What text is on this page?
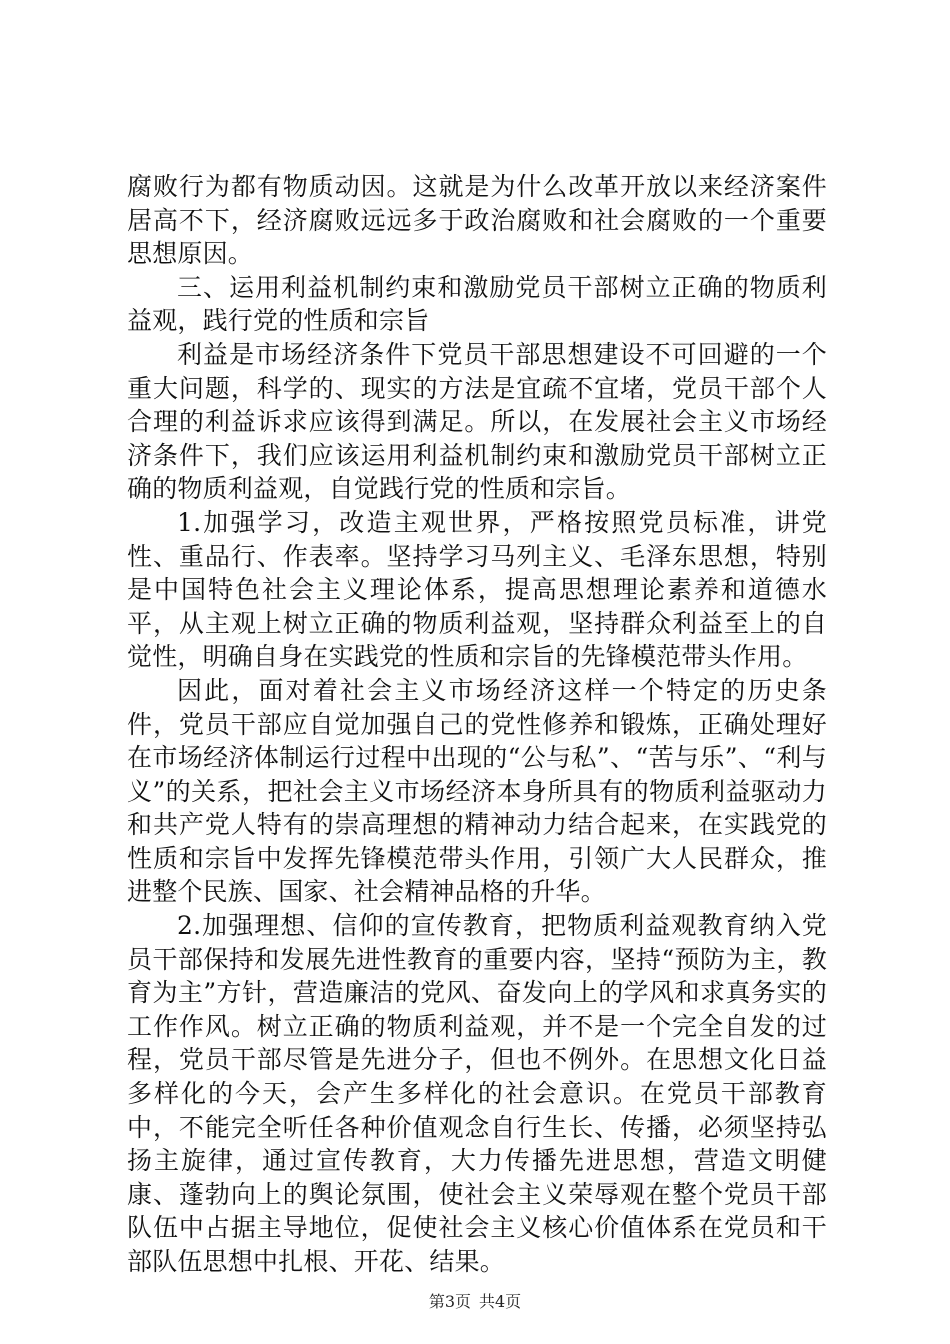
腐败行为都有物质动因。这就是为什么改革开放以来经济案件居高不下，经济腐败远远多于政治腐败和社会腐败的一个重要思想原因。

三、运用利益机制约束和激励党员干部树立正确的物质利益观，践行党的性质和宗旨

利益是市场经济条件下党员干部思想建设不可回避的一个重大问题，科学的、现实的方法是宜疏不宜堵，党员干部个人合理的利益诉求应该得到满足。所以，在发展社会主义市场经济条件下，我们应该运用利益机制约束和激励党员干部树立正确的物质利益观，自觉践行党的性质和宗旨。

1.加强学习，改造主观世界，严格按照党员标准，讲党性、重品行、作表率。坚持学习马列主义、毛泽东思想，特别是中国特色社会主义理论体系，提高思想理论素养和道德水平，从主观上树立正确的物质利益观，坚持群众利益至上的自觉性，明确自身在实践党的性质和宗旨的先锋模范带头作用。

因此，面对着社会主义市场经济这样一个特定的历史条件，党员干部应自觉加强自己的党性修养和锻炼，正确处理好在市场经济体制运行过程中出现的“公与私”、“苦与乐”、“利与义”的关系，把社会主义市场经济本身所具有的物质利益驱动力和共产党人特有的崇高理想的精神动力结合起来，在实践党的性质和宗旨中发挥先锋模范带头作用，引领广大人民群众，推进整个民族、国家、社会精神品格的升华。

2.加强理想、信仰的宣传教育，把物质利益观教育纳入党员干部保持和发展先进性教育的重要内容，坚持“预防为主，教育为主”方针，营造廉洁的党风、奋发向上的学风和求真务实的工作作风。树立正确的物质利益观，并不是一个完全自发的过程，党员干部尽管是先进分子，但也不例外。在思想文化日益多样化的今天，会产生多样化的社会意识。在党员干部教育中，不能完全听任各种价值观念自行生长、传播，必须坚持弘扬主旋律，通过宣传教育，大力传播先进思想，营造文明健康、蓬勃向上的舆论氛围，使社会主义荣辱观在整个党员干部队伍中占据主导地位，促使社会主义核心价值体系在党员和干部队伍思想中扎根、开花、结果。

第3页 共4页
